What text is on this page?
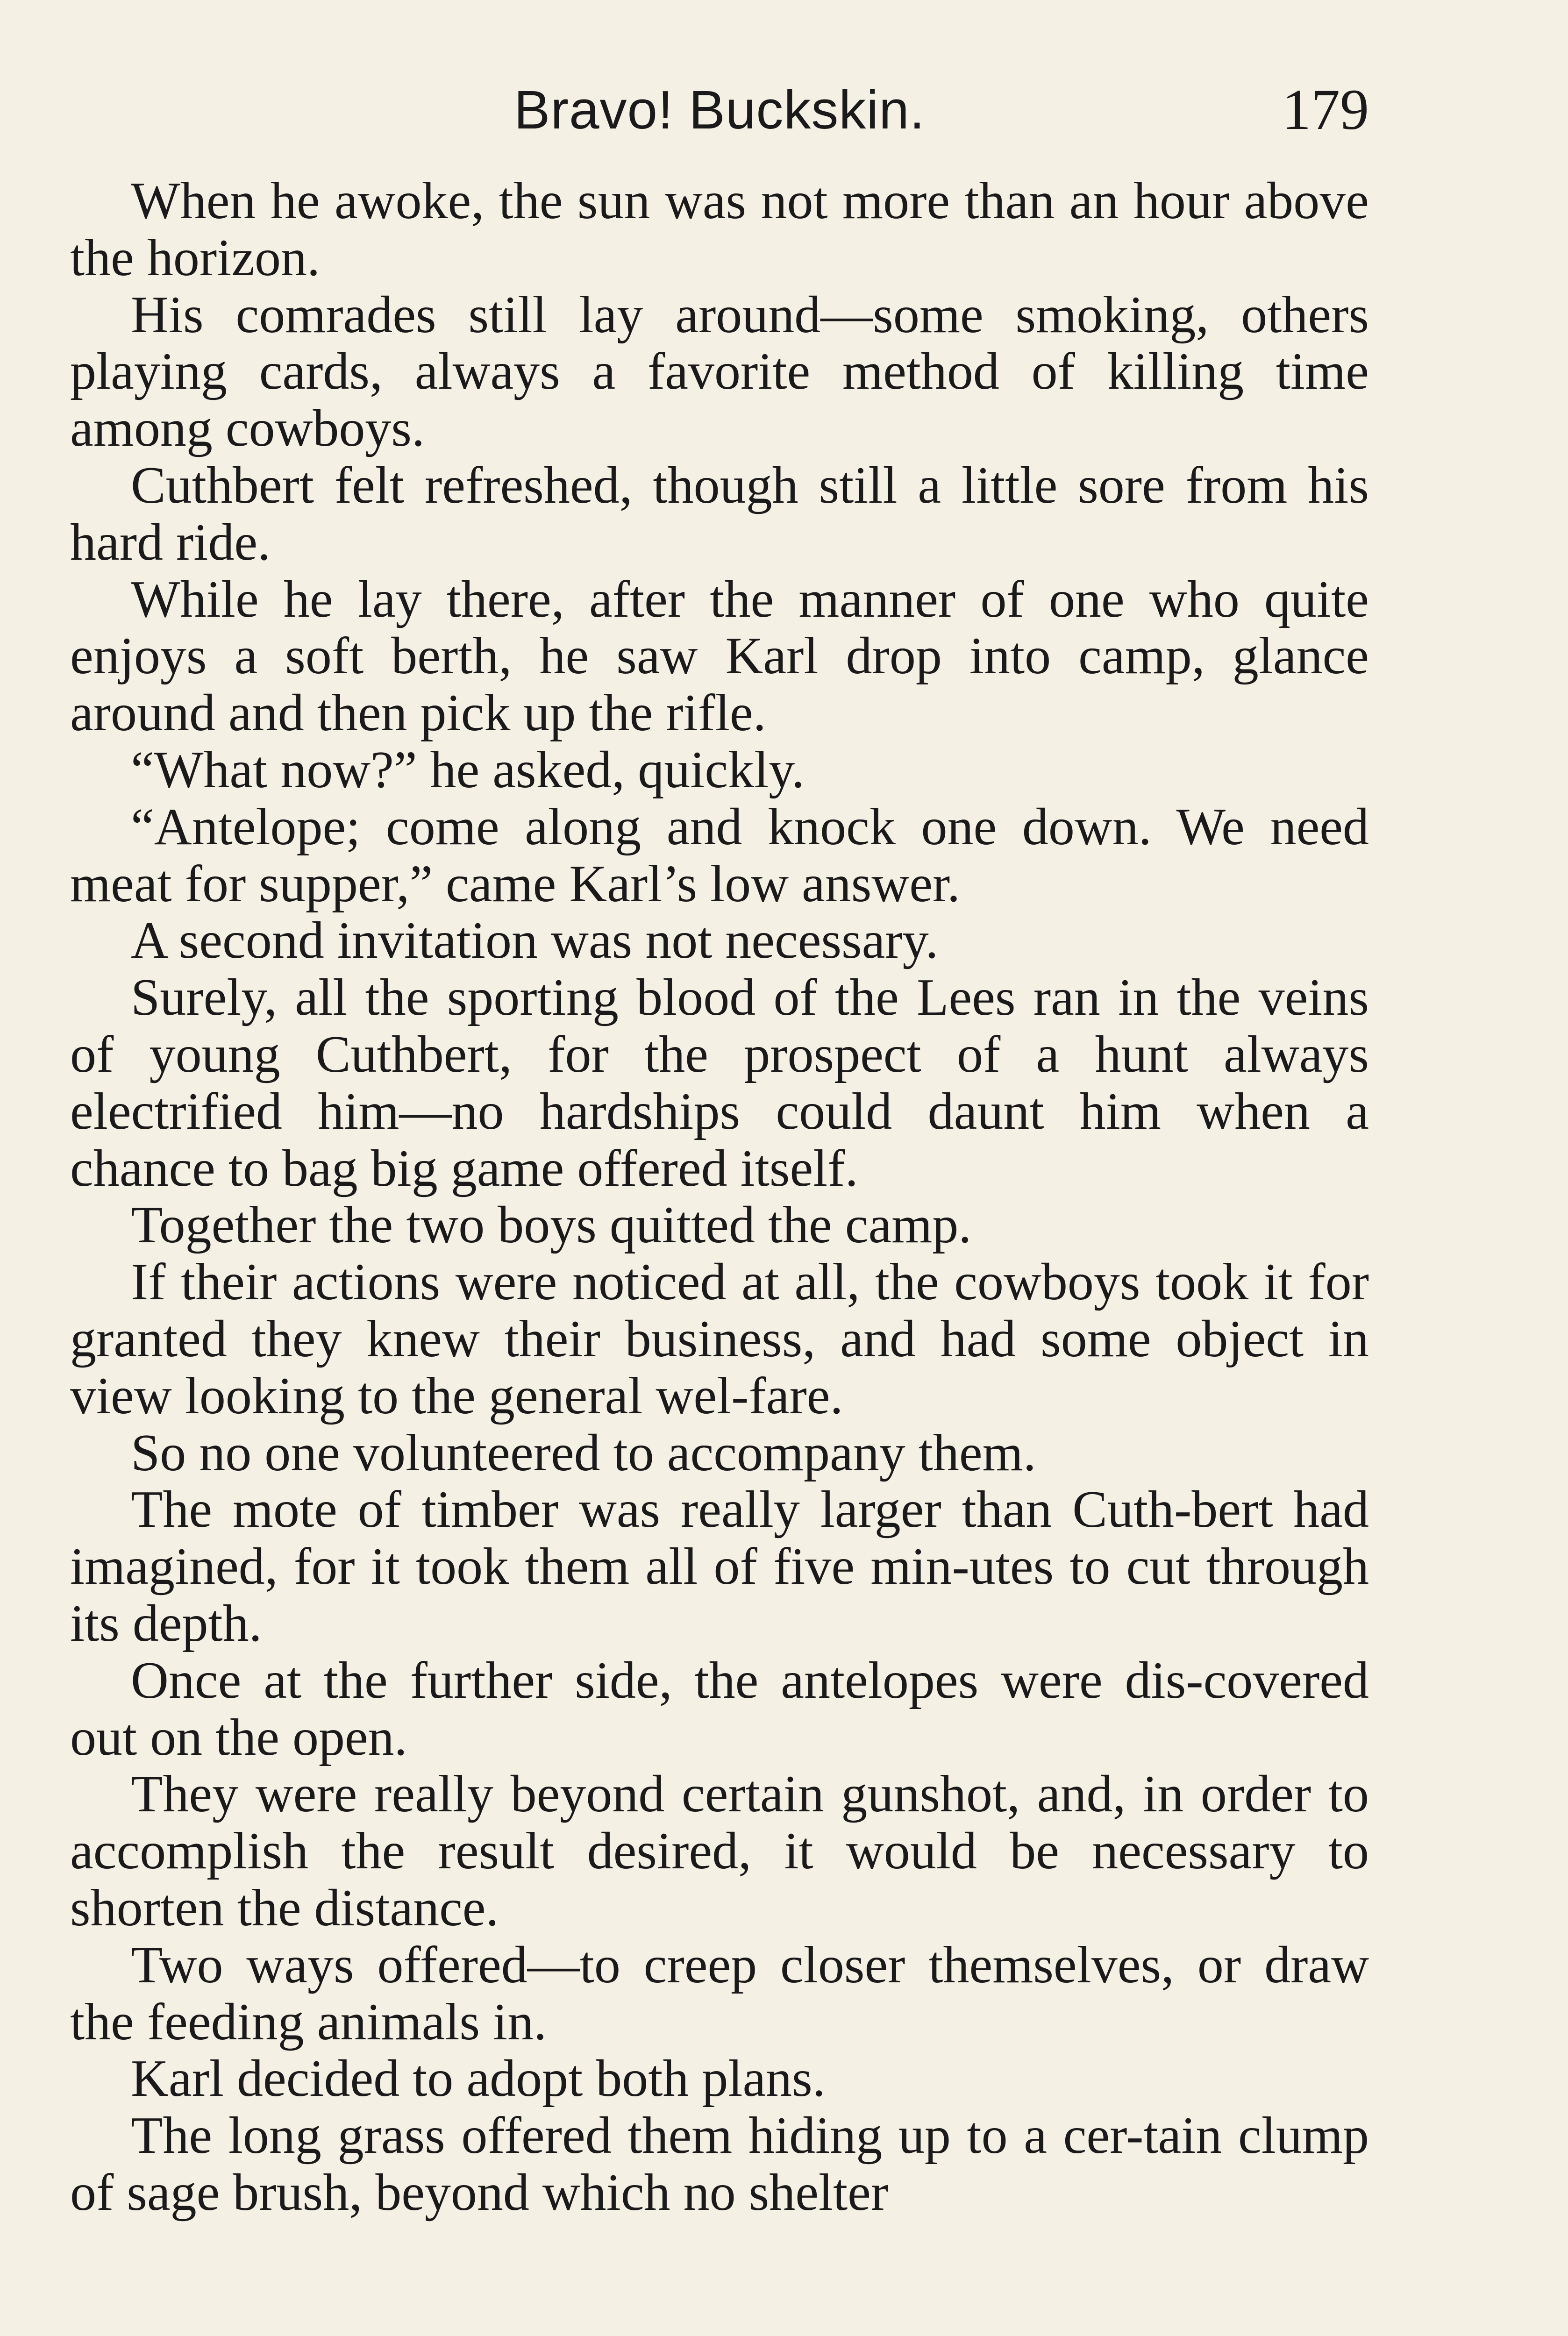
Bravo! Buckskin.	179

When he awoke, the sun was not more than an hour above the horizon.

His comrades still lay around—some smoking, others playing cards, always a favorite method of killing time among cowboys.

Cuthbert felt refreshed, though still a little sore from his hard ride.

While he lay there, after the manner of one who quite enjoys a soft berth, he saw Karl drop into camp, glance around and then pick up the rifle.

“What now?” he asked, quickly.

“Antelope; come along and knock one down. We need meat for supper,” came Karl’s low answer.

A second invitation was not necessary.

Surely, all the sporting blood of the Lees ran in the veins of young Cuthbert, for the prospect of a hunt always electrified him—no hardships could daunt him when a chance to bag big game offered itself.

Together the two boys quitted the camp.

If their actions were noticed at all, the cowboys took it for granted they knew their business, and had some object in view looking to the general wel-fare.

So no one volunteered to accompany them.

The mote of timber was really larger than Cuth-bert had imagined, for it took them all of five min-utes to cut through its depth.

Once at the further side, the antelopes were dis-covered out on the open.

They were really beyond certain gunshot, and, in order to accomplish the result desired, it would be necessary to shorten the distance.

Two ways offered—to creep closer themselves, or draw the feeding animals in.

Karl decided to adopt both plans.

The long grass offered them hiding up to a cer-tain clump of sage brush, beyond which no shelter
